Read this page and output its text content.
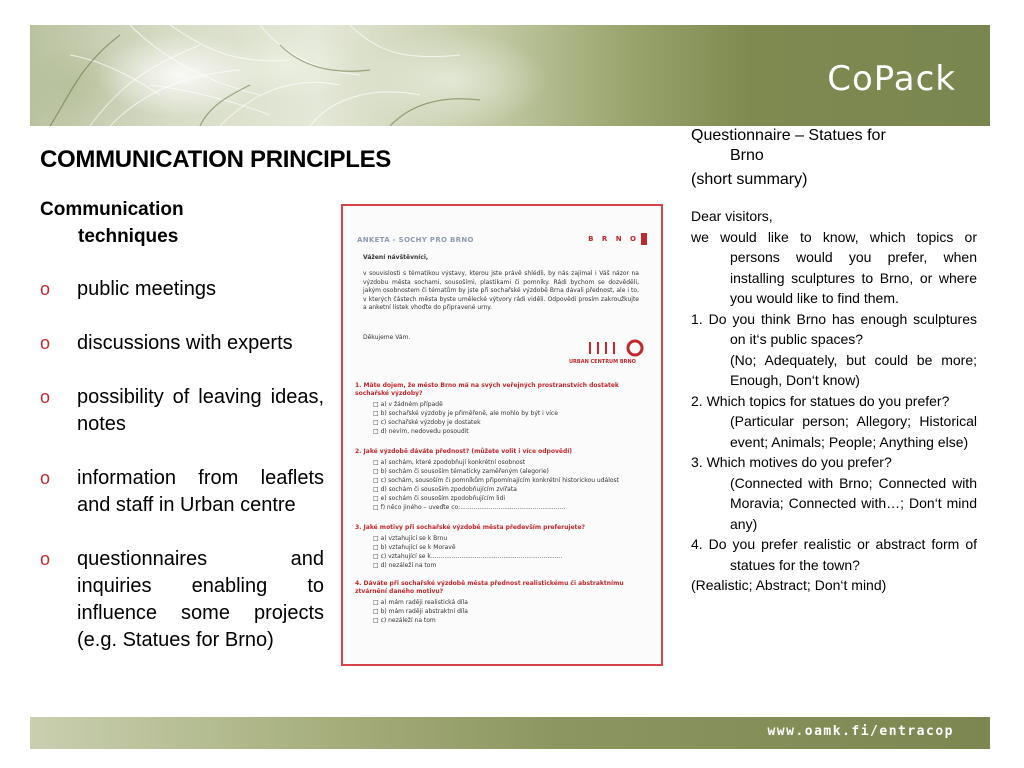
CoPack
COMMUNICATION PRINCIPLES
Communication
techniques
o public meetings
o discussions with experts
o possibility of leaving ideas, notes
o information from leaflets and staff in Urban centre
o questionnaires and inquiries enabling to influence some projects (e.g. Statues for Brno)
ANKETA - SOCHY PRO BRNO	B R N O
Vážení návštěvníci,
v souvislosti s tématikou výstavy, kterou jste právě shlédli, by nás zajímal i Váš názor na výzdobu města sochami, sousošími, plastikami či pomníky. Rádi bychom se dozvěděli, jakým osobnostem či tématům by jste při sochařské výzdobě Brna dávali přednost, ale i to, v kterých částech města byste umělecké výtvory rádi viděli. Odpovědi prosím zakroužkujte a anketní lístek vhoďte do připravené urny.
Děkujeme Vám.
URBAN CENTRUM BRNO
1. Máte dojem, že město Brno má na svých veřejných prostranstvích dostatek sochařské výzdoby?
□ a) v žádném případě
□ b) sochařské výzdoby je přiměřeně, ale mohlo by být i více
□ c) sochařské výzdoby je dostatek
□ d) nevím, nedovedu posoudit
2. Jaké výzdobě dáváte přednost? (můžete volit i více odpovědí)
□ a) sochám, které zpodobňují konkrétní osobnost
□ b) sochám či sousoším tématicky zaměřeným (alegorie)
□ c) sochám, sousoším či pomníkům připomínajícím konkrétní historickou událost
□ d) sochám či sousoším zpodobňujícím zvířata
□ e) sochám či sousoším zpodobňujícím lidi
□ f) něco jiného – uveďte co:.......................................................
3. Jaké motivy při sochařské výzdobě města především preferujete?
□ a) vztahující se k Brnu
□ b) vztahující se k Moravě
□ c) vztahující se k.....................................................................
□ d) nezáleží na tom
4. Dáváte při sochařské výzdobě města přednost realistickému či abstraktnímu ztvárnění daného motivu?
□ a) mám raději realistická díla
□ b) mám raději abstraktní díla
□ c) nezáleží na tom
Questionnaire – Statues for
Brno
(short summary)

Dear visitors,

we would like to know, which topics or persons would you prefer, when installing sculptures to Brno, or where you would like to find them.

1. Do you think Brno has enough sculptures on it‘s public spaces?

(No; Adequately, but could be more; Enough, Don‘t know)

2. Which topics for statues do you prefer?

(Particular person; Allegory; Historical event; Animals; People; Anything else)

3. Which motives do you prefer?

(Connected with Brno; Connected with Moravia; Connected with…; Don‘t mind any)

4. Do you prefer realistic or abstract form of statues for the town?

(Realistic; Abstract; Don‘t mind)

www.oamk.fi/entracop
